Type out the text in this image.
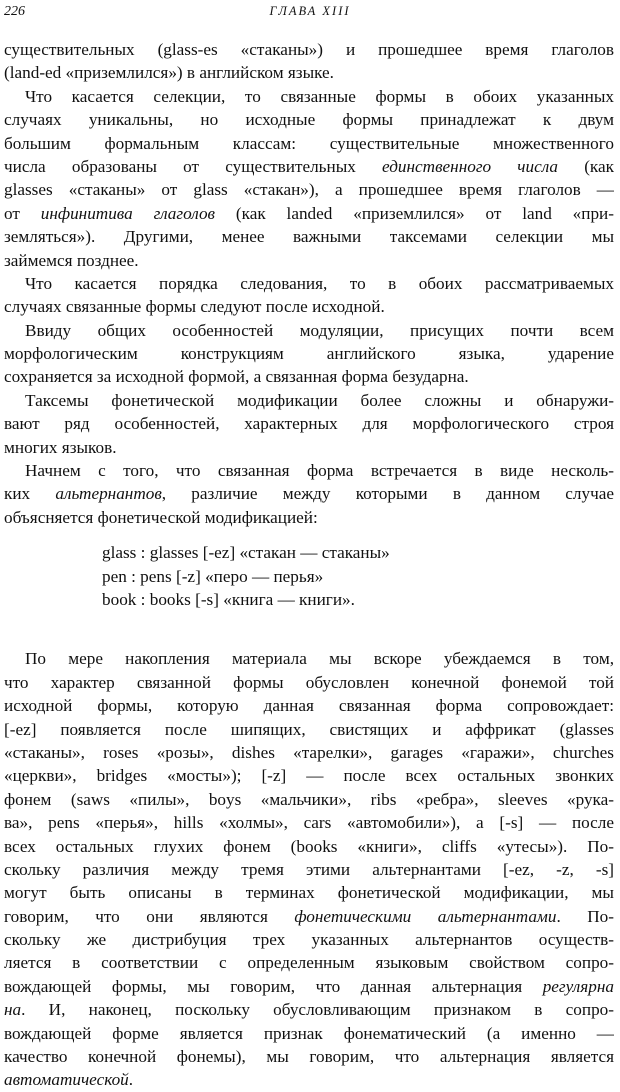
226	ГЛАВА XIII
существительных (glass-es «стаканы») и прошедшее время глаголов
(land-ed «приземлился») в английском языке.
Что касается селекции, то связанные формы в обоих указанных
случаях уникальны, но исходные формы принадлежат к двум
большим формальным классам: существительные множественного
числа образованы от существительных единственного числа (как
glasses «стаканы» от glass «стакан»), а прошедшее время глаголов —
от инфинитива глаголов (как landed «приземлился» от land «при-
земляться»). Другими, менее важными таксемами селекции мы
займемся позднее.
Что касается порядка следования, то в обоих рассматриваемых
случаях связанные формы следуют после исходной.
Ввиду общих особенностей модуляции, присущих почти всем
морфологическим конструкциям английского языка, ударение
сохраняется за исходной формой, а связанная форма безударна.
Таксемы фонетической модификации более сложны и обнаружи-
вают ряд особенностей, характерных для морфологического строя
многих языков.
Начнем с того, что связанная форма встречается в виде несколь-
ких альтернантов, различие между которыми в данном случае
объясняется фонетической модификацией:
glass : glasses [-ez] «стакан — стаканы»
pen : pens [-z] «перо — перья»
book : books [-s] «книга — книги».
По мере накопления материала мы вскоре убеждаемся в том,
что характер связанной формы обусловлен конечной фонемой той
исходной формы, которую данная связанная форма сопровождает:
[-ez] появляется после шипящих, свистящих и аффрикат (glasses
«стаканы», roses «розы», dishes «тарелки», garages «гаражи», churches
«церкви», bridges «мосты»); [-z] — после всех остальных звонких
фонем (saws «пилы», boys «мальчики», ribs «ребра», sleeves «рука-
ва», pens «перья», hills «холмы», cars «автомобили»), а [-s] — после
всех остальных глухих фонем (books «книги», cliffs «утесы»). По-
скольку различия между тремя этими альтернантами [-ez, -z, -s]
могут быть описаны в терминах фонетической модификации, мы
говорим, что они являются фонетическими альтернантами. По-
скольку же дистрибуция трех указанных альтернантов осуществ-
ляется в соответствии с определенным языковым свойством сопро-
вождающей формы, мы говорим, что данная альтернация регулярна
на. И, наконец, поскольку обусловливающим признаком в сопро-
вождающей форме является признак фонематический (а именно —
качество конечной фонемы), мы говорим, что альтернация является
автоматической.
